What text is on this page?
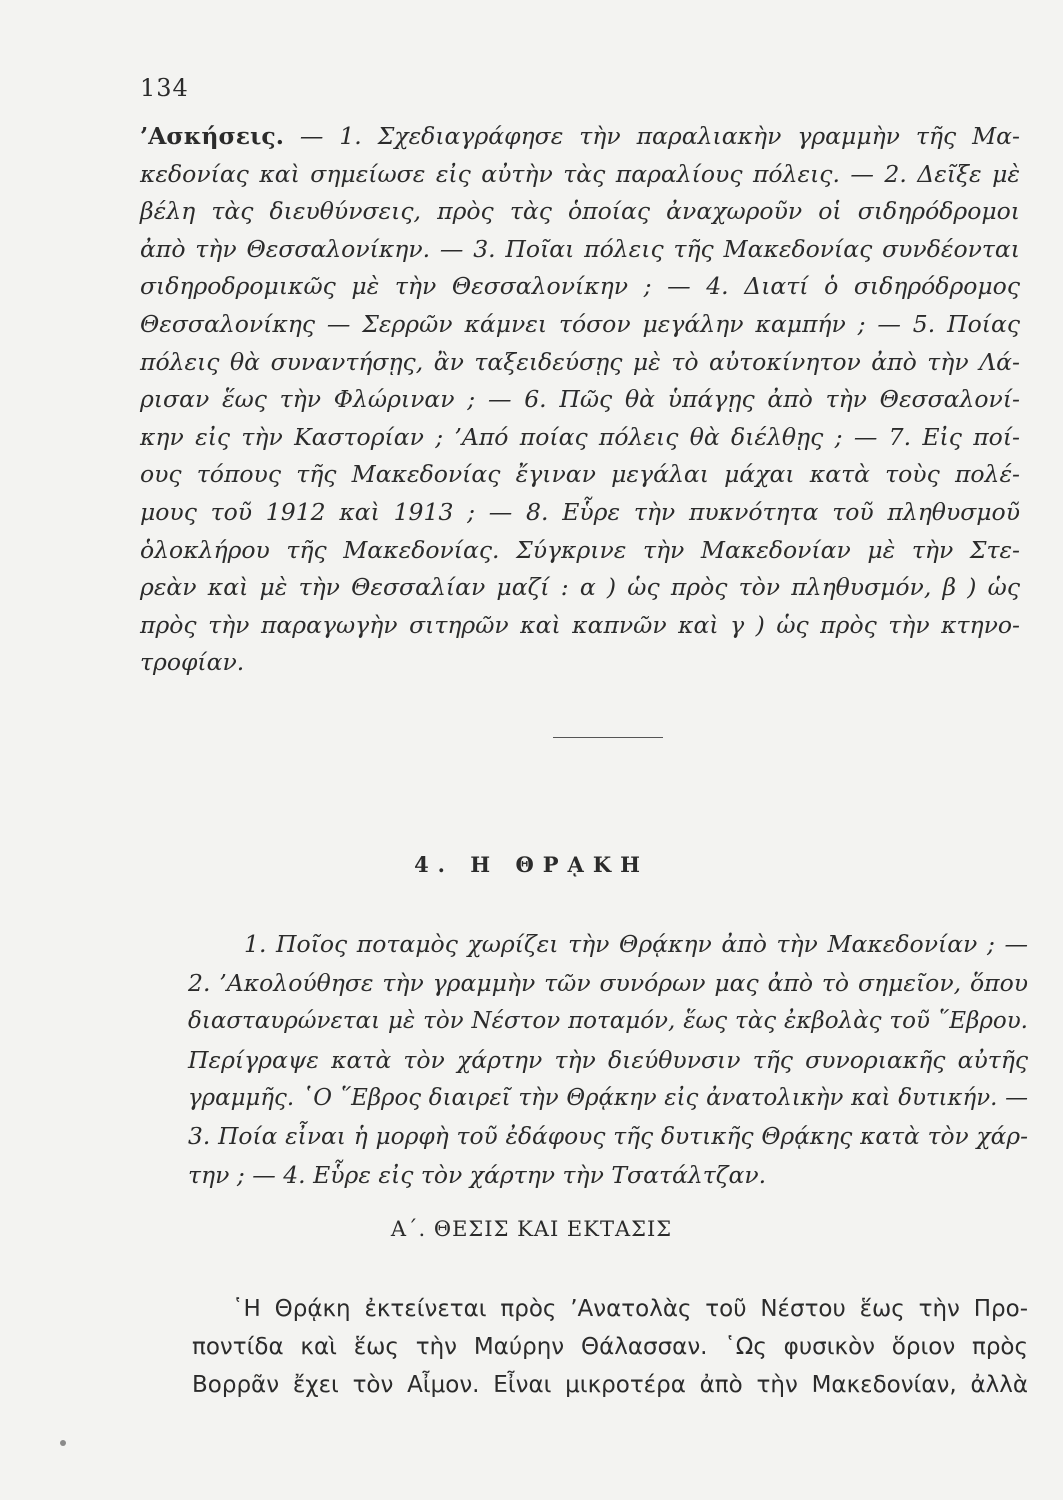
134
’Ασκήσεις. — 1. Σχεδιαγράφησε τὴν παραλιακὴν γραμμὴν τῆς Μα-
κεδονίας καὶ σημείωσε εἰς αὐτὴν τὰς παραλίους πόλεις. — 2. Δεῖξε μὲ
βέλη τὰς διευθύνσεις, πρὸς τὰς ὁποίας ἀναχωροῦν οἱ σιδηρόδρομοι
ἀπὸ τὴν Θεσσαλονίκην. — 3. Ποῖαι πόλεις τῆς Μακεδονίας συνδέονται
σιδηροδρομικῶς μὲ τὴν Θεσσαλονίκην ; — 4. Διατί ὁ σιδηρόδρομος
Θεσσαλονίκης — Σερρῶν κάμνει τόσον μεγάλην καμπήν ; — 5. Ποίας
πόλεις θὰ συναντήσῃς, ἂν ταξειδεύσῃς μὲ τὸ αὐτοκίνητον ἀπὸ τὴν Λά-
ρισαν ἕως τὴν Φλώριναν ; — 6. Πῶς θὰ ὑπάγῃς ἀπὸ τὴν Θεσσαλονί-
κην εἰς τὴν Καστορίαν ; ’Από ποίας πόλεις θὰ διέλθῃς ; — 7. Εἰς ποί-
ους τόπους τῆς Μακεδονίας ἔγιναν μεγάλαι μάχαι κατὰ τοὺς πολέ-
μους τοῦ 1912 καὶ 1913 ; — 8. Εὗρε τὴν πυκνότητα τοῦ πληθυσμοῦ
ὁλοκλήρου τῆς Μακεδονίας. Σύγκρινε τὴν Μακεδονίαν μὲ τὴν Στε-
ρεὰν καὶ μὲ τὴν Θεσσαλίαν μαζί : α ) ὡς πρὸς τὸν πληθυσμόν, β ) ὡς
πρὸς τὴν παραγωγὴν σιτηρῶν καὶ καπνῶν καὶ γ ) ὡς πρὸς τὴν κτηνο-
τροφίαν.
4. Η ΘΡᾼΚΗ
1. Ποῖος ποταμὸς χωρίζει τὴν Θρᾴκην ἀπὸ τὴν Μακεδονίαν ; —
2. ’Ακολούθησε τὴν γραμμὴν τῶν συνόρων μας ἀπὸ τὸ σημεῖον, ὅπου
διασταυρώνεται μὲ τὸν Νέστον ποταμόν, ἕως τὰς ἐκβολὰς τοῦ ῞Εβρου.
Περίγραψε κατὰ τὸν χάρτην τὴν διεύθυνσιν τῆς συνοριακῆς αὐτῆς
γραμμῆς. ῾Ο ῞Εβρος διαιρεῖ τὴν Θρᾴκην εἰς ἀνατολικὴν καὶ δυτικήν. —
3. Ποία εἶναι ἡ μορφὴ τοῦ ἐδάφους τῆς δυτικῆς Θρᾴκης κατὰ τὸν χάρ-
την ; — 4. Εὗρε εἰς τὸν χάρτην τὴν Τσατάλτζαν.
Α΄. ΘΕΣΙΣ ΚΑΙ ΕΚΤΑΣΙΣ
῾Η Θρᾴκη ἐκτείνεται πρὸς ’Ανατολὰς τοῦ Νέστου ἕως τὴν Προ-
ποντίδα καὶ ἕως τὴν Μαύρην Θάλασσαν. ῾Ως φυσικὸν ὅριον πρὸς
Βορρᾶν ἔχει τὸν Αἶμον. Εἶναι μικροτέρα ἀπὸ τὴν Μακεδονίαν, ἀλλὰ
